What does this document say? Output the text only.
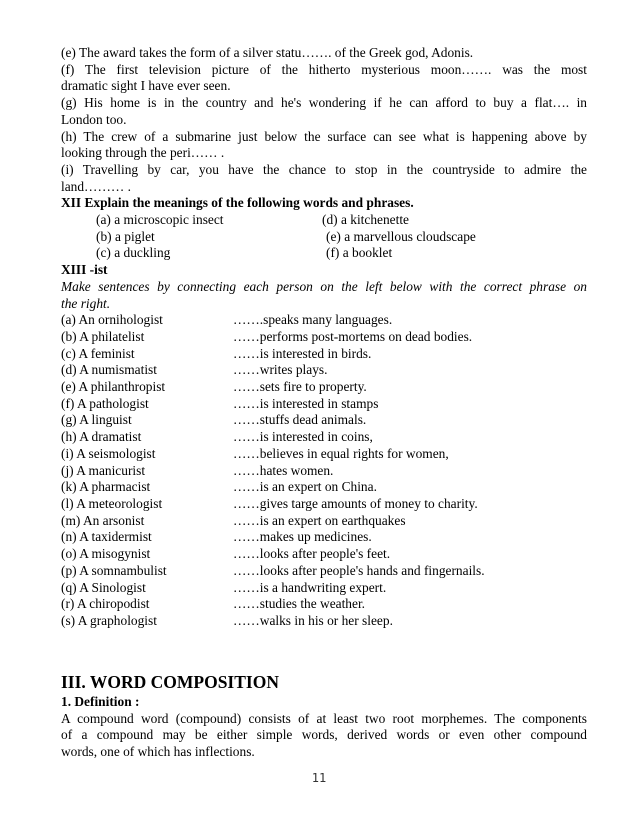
(e) The award takes the form of a silver statu……. of the Greek god, Adonis.

(f) The first television picture of the hitherto mysterious moon……. was the most

dramatic sight I have ever seen.

(g) His home is in the country and he's wondering if he can afford to buy a flat…. in

London too.

(h) The crew of a submarine just below the surface can see what is happening above by

looking through the peri…… .

(i) Travelling by car, you have the chance to stop in the countryside to admire the

land……… .

XII Explain the meanings of the following words and phrases.

(a) a microscopic insect	(d) a kitchenette
(b) a piglet	(e) a marvellous cloudscape
(c) a duckling	(f) a booklet

XIII -ist

Make sentences by connecting each person on the left below with the correct phrase on

the right.

(a) An ornihologist	…….speaks many languages.
(b) A philatelist	……performs post-mortems on dead bodies.
(c) A feminist	……is interested in birds.
(d) A numismatist	……writes plays.
(e) A philanthropist	……sets fire to property.
(f) A pathologist	……is interested in stamps
(g) A linguist	……stuffs dead animals.
(h) A dramatist	……is interested in coins,
(i) A seismologist	……believes in equal rights for women,
(j) A manicurist	……hates women.
(k) A pharmacist	……is an expert on China.
(l) A meteorologist	……gives targe amounts of money to charity.
(m) An arsonist	……is an expert on earthquakes
(n) A taxidermist	……makes up medicines.
(o) A misogynist	……looks after people's feet.
(p) A somnambulist	……looks after people's hands and fingernails.
(q) A Sinologist	……is a handwriting expert.
(r) A chiropodist	……studies the weather.
(s) A graphologist	……walks in his or her sleep.
III. WORD COMPOSITION

1. Definition :

A compound word (compound) consists of at least two root morphemes. The components

of a compound may be either simple words, derived words or even other compound

words, one of which has inflections.

11
